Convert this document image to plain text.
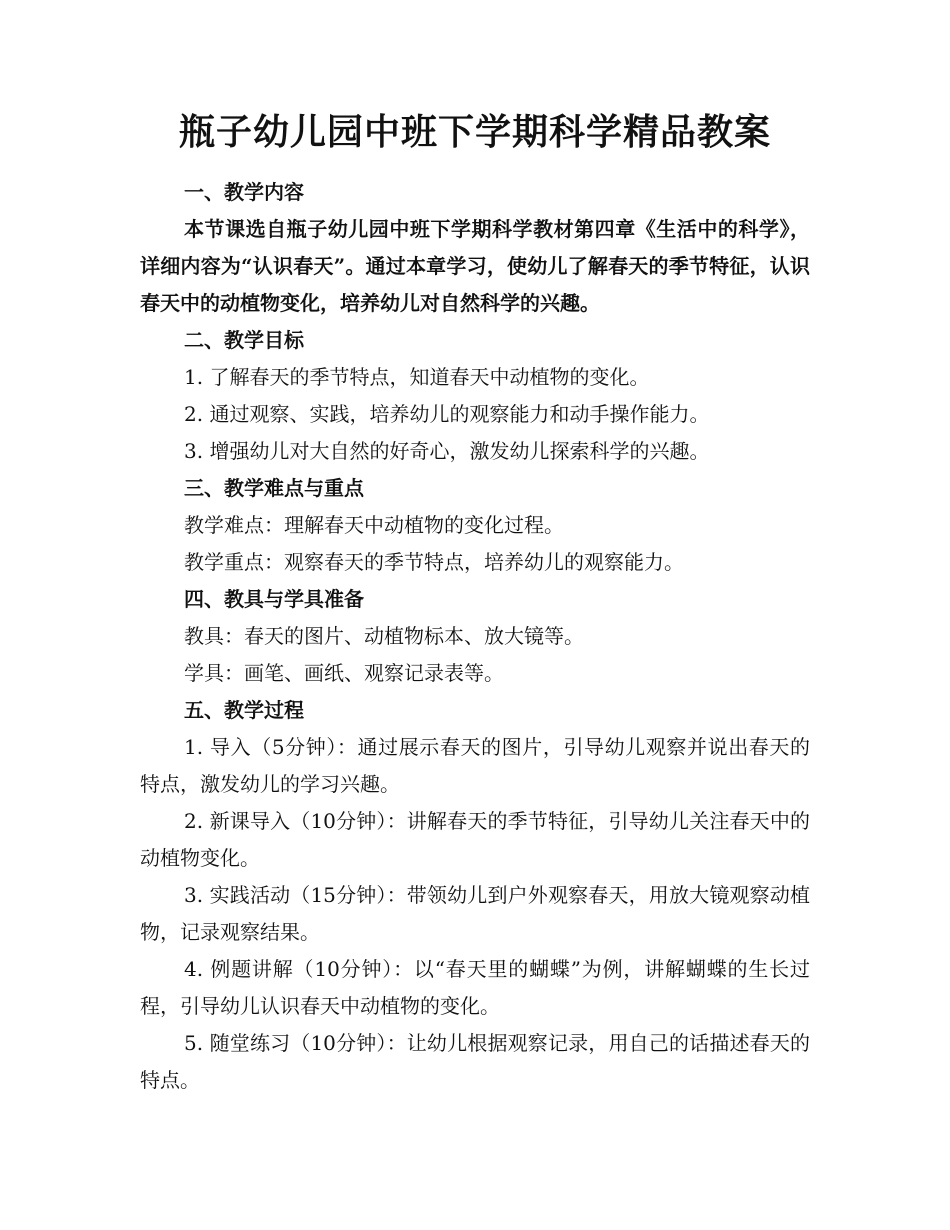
瓶子幼儿园中班下学期科学精品教案
一、教学内容

本节课选自瓶子幼儿园中班下学期科学教材第四章《生活中的科学》，详细内容为“认识春天”。通过本章学习，使幼儿了解春天的季节特征，认识春天中的动植物变化，培养幼儿对自然科学的兴趣。

二、教学目标

1. 了解春天的季节特点，知道春天中动植物的变化。

2. 通过观察、实践，培养幼儿的观察能力和动手操作能力。

3. 增强幼儿对大自然的好奇心，激发幼儿探索科学的兴趣。

三、教学难点与重点

教学难点：理解春天中动植物的变化过程。

教学重点：观察春天的季节特点，培养幼儿的观察能力。

四、教具与学具准备

教具：春天的图片、动植物标本、放大镜等。

学具：画笔、画纸、观察记录表等。

五、教学过程

1. 导入（5分钟）：通过展示春天的图片，引导幼儿观察并说出春天的特点，激发幼儿的学习兴趣。

2. 新课导入（10分钟）：讲解春天的季节特征，引导幼儿关注春天中的动植物变化。

3. 实践活动（15分钟）：带领幼儿到户外观察春天，用放大镜观察动植物，记录观察结果。

4. 例题讲解（10分钟）：以“春天里的蝴蝶”为例，讲解蝴蝶的生长过程，引导幼儿认识春天中动植物的变化。

5. 随堂练习（10分钟）：让幼儿根据观察记录，用自己的话描述春天的特点。
